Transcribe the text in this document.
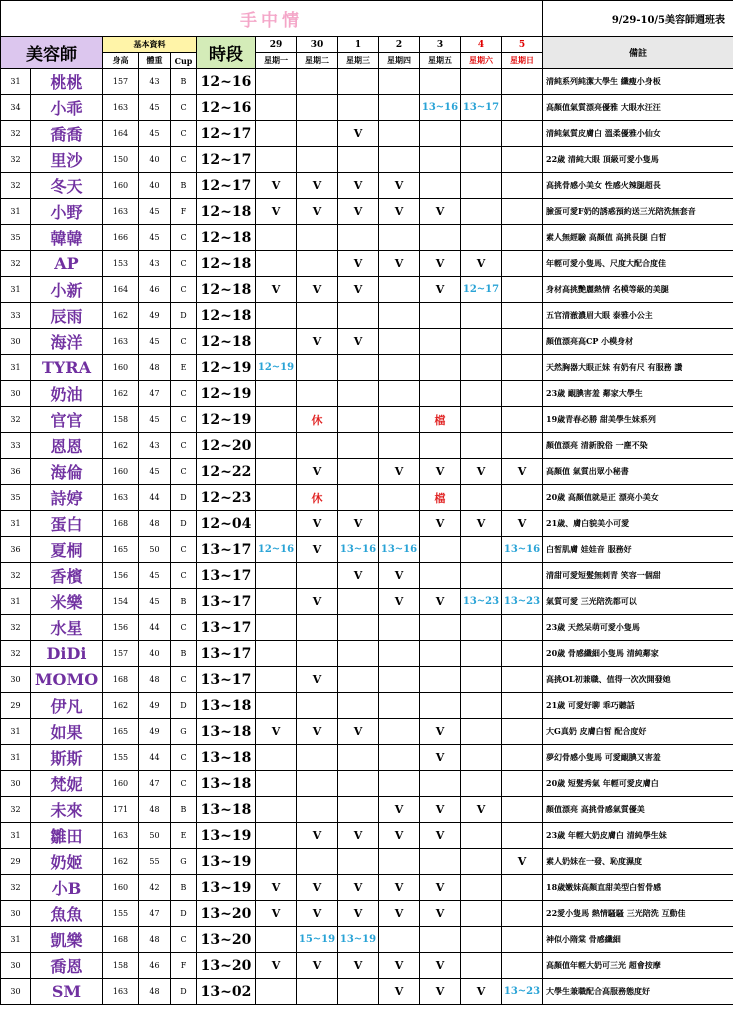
手中情													9/29-10/5美容師週班表
美容師		基本資料			時段	29	30	1	2	3	4	5	備註
		身高	體重	Cup		星期一	星期二	星期三	星期四	星期五	星期六	星期日	
31	桃桃	157	43	B	12~16								清純系列純潔大學生 纖瘦小身板
34	小乖	163	45	C	12~16					13~16	13~17		高顏值氣質漂亮優雅 大眼水汪汪
32	喬喬	164	45	C	12~17			V					清純氣質皮膚白 溫柔優雅小仙女
32	里沙	150	40	C	12~17								22歲 清純大眼 頂級可愛小隻馬
32	冬天	160	40	B	12~17	V	V	V	V				高挑骨感小美女 性感火辣腿超長
31	小野	163	45	F	12~18	V	V	V	V	V			臉蛋可愛F奶的誘惑預約送三光陪洗無套音
35	韓韓	166	45	C	12~18								素人無經驗 高顏值 高挑長腿 白皙
32	AP	153	43	C	12~18			V	V	V	V		年輕可愛小隻馬、尺度大配合度佳
31	小新	164	46	C	12~18	V	V	V		V	12~17		身材高挑艷麗熱情 名模等級的美腿
33	辰雨	162	49	D	12~18								五官清澈濃眉大眼 泰雅小公主
30	海洋	163	45	C	12~18		V	V					顏值漂亮高CP 小模身材
31	TYRA	160	48	E	12~19	12~19							天然胸器大眼正妹 有奶有尺 有服務 讚
30	奶油	162	47	C	12~19								23歲 靦腆害羞 鄰家大學生
32	官官	158	45	C	12~19		休			檔			19歲青春必勝 甜美學生妹系列
33	恩恩	162	43	C	12~20								顏值漂亮 清新脫俗 一塵不染
36	海倫	160	45	C	12~22		V		V	V	V	V	高顏值 氣質出眾小秘書
35	詩婷	163	44	D	12~23		休			檔			20歲 高顏值就是正 漂亮小美女
31	蛋白	168	48	D	12~04		V	V		V	V	V	21歲、膚白貌美小可愛
36	夏桐	165	50	C	13~17	12~16	V	13~16	13~16			13~16	白皙肌膚 娃娃音 服務好
32	香檳	156	45	C	13~17			V	V				清甜可愛短髮無刺青 笑容一個甜
31	米樂	154	45	B	13~17		V		V	V	13~23	13~23	氣質可愛 三光陪洗都可以
32	水星	156	44	C	13~17								23歲 天然呆萌可愛小隻馬
32	DiDi	157	40	B	13~17								20歲 骨感纖細小隻馬 清純鄰家
30	MOMO	168	48	C	13~17		V						高挑OL初兼職、值得一次次開發她
29	伊凡	162	49	D	13~18								21歲 可愛好聊 乖巧聽話
31	如果	165	49	G	13~18	V	V	V		V			大G真奶 皮膚白皙 配合度好
31	斯斯	155	44	C	13~18					V			夢幻骨感小隻馬 可愛靦腆又害羞
30	梵妮	160	47	C	13~18								20歲 短髮秀氣 年輕可愛皮膚白
32	未來	171	48	B	13~18				V	V	V		顏值漂亮 高挑骨感氣質優美
31	雛田	163	50	E	13~19		V	V	V	V			23歲 年輕大奶皮膚白 清純學生妹
29	奶姬	162	55	G	13~19							V	素人奶妹在一發、恥度濕度
32	小B	160	42	B	13~19	V	V	V	V	V			18歲嫩妹高顏直甜美型白皙骨感
30	魚魚	155	47	D	13~20	V	V	V	V	V			22愛小隻馬 熱情騷騷 三光陪洗 互動佳
31	凱樂	168	48	C	13~20		15~19	13~19					神似小隋棠 骨感纖細
30	喬恩	158	46	F	13~20	V	V	V	V	V			高顏值年輕大奶可三光 超會按摩
30	SM	163	48	D	13~02				V	V	V	13~23	大學生兼職配合高服務態度好
